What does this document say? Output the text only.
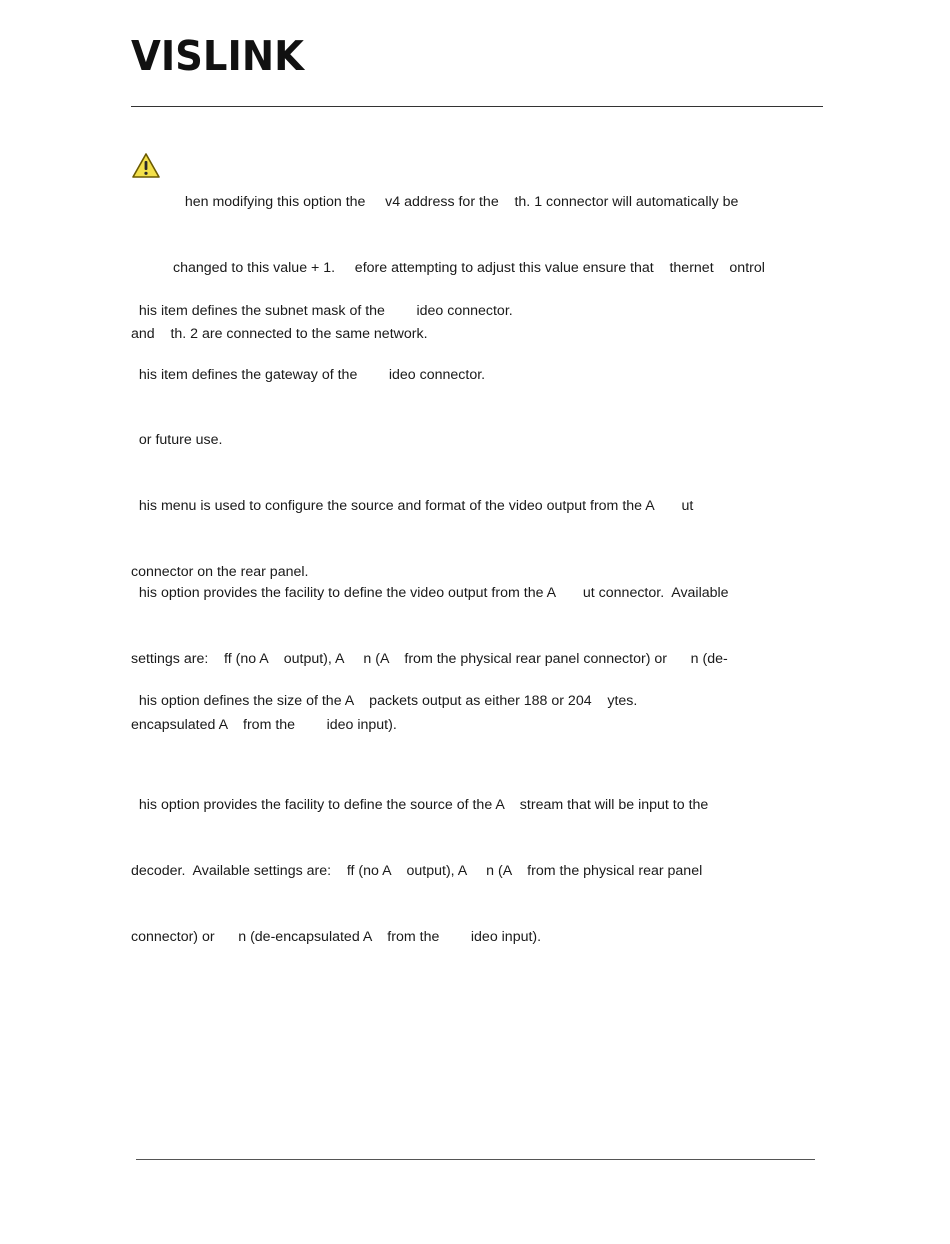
VISLINK

hen modifying this option the     v4 address for the    th. 1 connector will automatically be

changed to this value + 1.     efore attempting to adjust this value ensure that    thernet    ontrol

and    th. 2 are connected to the same network.

his item defines the subnet mask of the        ideo connector.

his item defines the gateway of the        ideo connector.

or future use.

his menu is used to configure the source and format of the video output from the A       ut

connector on the rear panel.

his option provides the facility to define the video output from the A       ut connector.  Available

settings are:    ff (no A    output), A     n (A    from the physical rear panel connector) or      n (de-

encapsulated A    from the        ideo input).

his option defines the size of the A    packets output as either 188 or 204    ytes.

his option provides the facility to define the source of the A    stream that will be input to the

decoder.  Available settings are:    ff (no A    output), A     n (A    from the physical rear panel

connector) or      n (de-encapsulated A    from the        ideo input).
